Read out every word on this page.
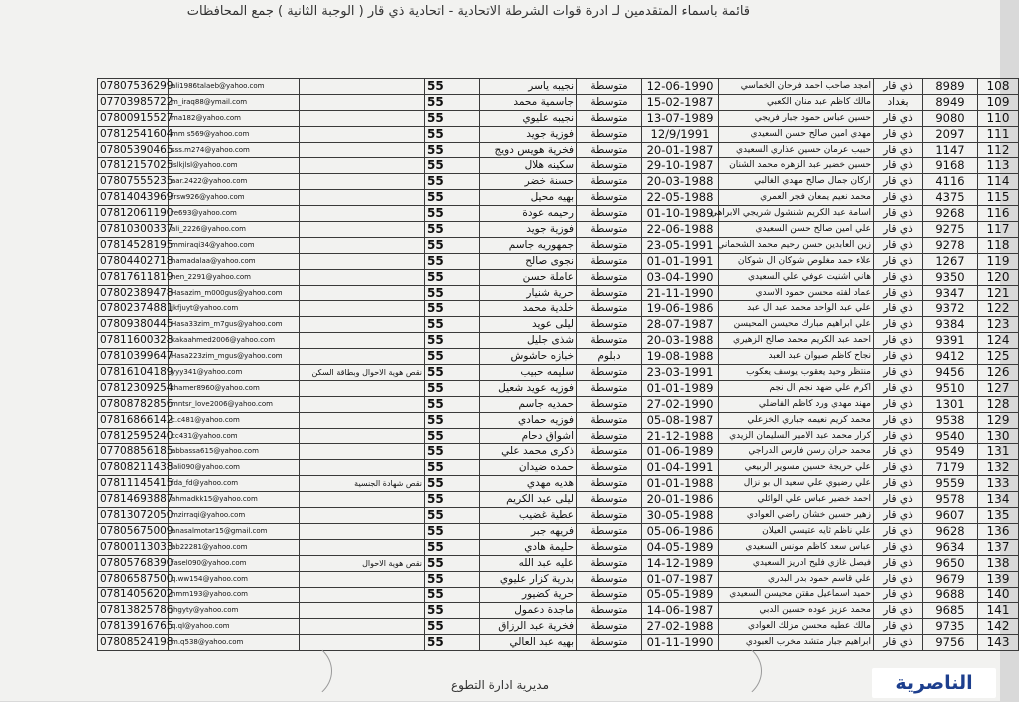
قائمة باسماء المتقدمين لـ ادرة قوات الشرطة الاتحادية - اتحادية ذي قار ( الوجبة الثانية ) جمع المحافظات
07807536299	ali1986talaeb@yahoo.com		55	نجيبه ياسر	متوسطة	12-06-1990	امجد صاحب احمد فرحان الخماسي	ذي قار	8989	108
07703985722	m_iraq88@ymail.com		55	جاسمية محمد	متوسطة	15-02-1987	مالك كاظم عبد منان الكعبي	بغداد	8949	109
07800915527	ma182@yahoo.com		55	نجيبه عليوي	متوسطة	13-07-1989	حسين عباس حمود جبار فريجي	ذي قار	9080	110
07812541604	mm s569@yahoo.com		55	فوزية جويد	متوسطة	12/9/1991	مهدي امين صالح حسن السعيدي	ذي قار	2097	111
07805390465	sss.m274@yahoo.com		55	فخرية هويس دويج	متوسطة	20-01-1987	حبيب عرمان حسين عذاري السعيدي	ذي قار	1147	112
07812157025	lslkjlsl@yahoo.com		55	سكينه هلال	متوسطة	29-10-1987	حسين خضير عبد الزهره محمد الشنان	ذي قار	9168	113
07807555235	aar.2422@yahoo.com		55	حسنة خضر	متوسطة	20-03-1988	اركان جمال صالح مهدي الغالبي	ذي قار	4116	114
07814043969	frsw926@yahoo.com		55	بهيه محيل	متوسطة	22-05-1988	محمد نعيم يمعان فجر العمري	ذي قار	4375	115
07812061190	re693@yahoo.com		55	رحيمه عودة	متوسطة	01-10-1989	اسامة عبد الكريم شنشول شريجي الابراهي	ذي قار	9268	116
07810300337	ali_2226@yahoo.com		55	فوزية جويد	متوسطة	22-06-1988	علي امين صالح حسن السعيدي	ذي قار	9275	117
07814528195	mmiraqi34@yahoo.com		55	جمهوريه جاسم	متوسطة	23-05-1991	زين العابدين حسن رحيم محمد الشحماني	ذي قار	9278	118
07804402718	hamadalaa@yahoo.com		55	نجوى صالح	متوسطة	01-01-1991	علاء حمد مغلوص شوكان ال شوكان	ذي قار	1267	119
07817611819	hen_2291@yahoo.com		55	عاملة حسن	متوسطة	03-04-1990	هاني اشنيت عوفي علي السعيدي	ذي قار	9350	120
07802389478	Hasazim_m000gus@yahoo.com		55	حرية شنيار	متوسطة	21-11-1990	عماد لفته محسن حمود الاسدي	ذي قار	9347	121
07802374881	jkfjuyt@yahoo.com		55	خلدية محمد	متوسطة	19-06-1986	علي عبد الواحد محمد عبد ال عبد	ذي قار	9372	122
07809380445	Hasa33zim_m7gus@yahoo.com		55	ليلى عويد	متوسطة	28-07-1987	علي ابراهيم مبارك محيسن المحيسن	ذي قار	9384	123
07811600328	kakaahmed2006@yahoo.com		55	شذى جليل	متوسطة	20-03-1988	احمد عبد الكريم محمد صالح الزهيري	ذي قار	9391	124
07810399647	Hasa223zim_mgus@yahoo.com		55	خبازه حاشوش	دبلوم	19-08-1988	نجاح كاظم صيوان عبد العبد	ذي قار	9412	125
07816104189	yyy341@yahoo.com	نقص هوية الاحوال وبطاقة السكن	55	سليمه حبيب	متوسطة	23-03-1991	منتظر وحيد يعقوب يوسف يعكوب	ذي قار	9456	126
07812309254	thamer8960@yahoo.com		55	فوزيه عويد شعيل	متوسطة	01-01-1989	اكرم علي ضهد نجم ال نجم	ذي قار	9510	127
07808782856	mntsr_love2006@yahoo.com		55	حمديه جاسم	متوسطة	27-02-1990	مهند مهدي ورد كاظم الفاضلي	ذي قار	1301	128
07816866142	c.c481@yahoo.com		55	فوزيه حمادي	متوسطة	05-08-1987	محمد كريم نعيمه جباري الخزعلي	ذي قار	9538	129
07812595240	cc431@yahoo.com		55	اشواق دحام	متوسطة	21-12-1988	كرار محمد عبد الامير السليمان الزيدي	ذي قار	9540	130
07708856185	abbassa615@yahoo.com		55	ذكرى محمد علي	متوسطة	01-06-1989	محمد حران رسن فارس الدراجي	ذي قار	9549	131
07808211438	iali090@yahoo.com		55	حمده ضيدان	متوسطة	01-04-1991	علي حريجة حسين مسوير الربيعي	ذي قار	7179	132
07811145415	fda_fd@yahoo.com	نقص شهادة الجنسية	55	هديه مهدي	متوسطة	01-01-1988	علي رضيوي علي سعيد ال بو نزال	ذي قار	9559	133
07814693887	ahmadkk15@yahoo.com		55	ليلى عبد الكريم	متوسطة	20-01-1986	احمد خضير عباس علي الوائلي	ذي قار	9578	134
07813072050	mzirraqi@yahoo.com		55	عطية غضيب	متوسطة	30-05-1988	زهير حسين خشان راضي العوادي	ذي قار	9607	135
07805675009	anasalmotar15@gmail.com		55	فريهه جبر	متوسطة	05-06-1986	علي ناظم ثايه عتيسي العيلان	ذي قار	9628	136
07800113033	ab22281@yahoo.com		55	حليمة هادي	متوسطة	04-05-1989	عباس سعد كاظم مونس السعيدي	ذي قار	9634	137
07805768390	fasel090@yahoo.com	نقص هوية الاحوال	55	عليه عبد الله	متوسطة	14-12-1989	فيصل غازي فليح ادريز السعيدي	ذي قار	9650	138
07806587500	q.ww154@yahoo.com		55	بدرية كزار عليوي	متوسطة	01-07-1987	علي قاسم حمود بدر البدري	ذي قار	9679	139
07814056202	hmm193@yahoo.com		55	حرية كضيور	متوسطة	05-05-1989	حميد اسماعيل مقتن محيسن السعيدي	ذي قار	9688	140
07813825786	jhgyty@yahoo.com		55	ماجدة دعمول	متوسطة	14-06-1987	محمد عزيز عوده حسين الدبي	ذي قار	9685	141
07813916765	q.ql@yahoo.com		55	فخرية عبد الرزاق	متوسطة	27-02-1988	مالك عطيه محسن مزلك العوادي	ذي قار	9735	142
07808524198	m.q538@yahoo.com		55	بهيه عبد العالي	متوسطة	01-11-1990	ابراهيم جبار متشد مخرب العبودي	ذي قار	9756	143
مديرية ادارة التطوع	الناصرية
